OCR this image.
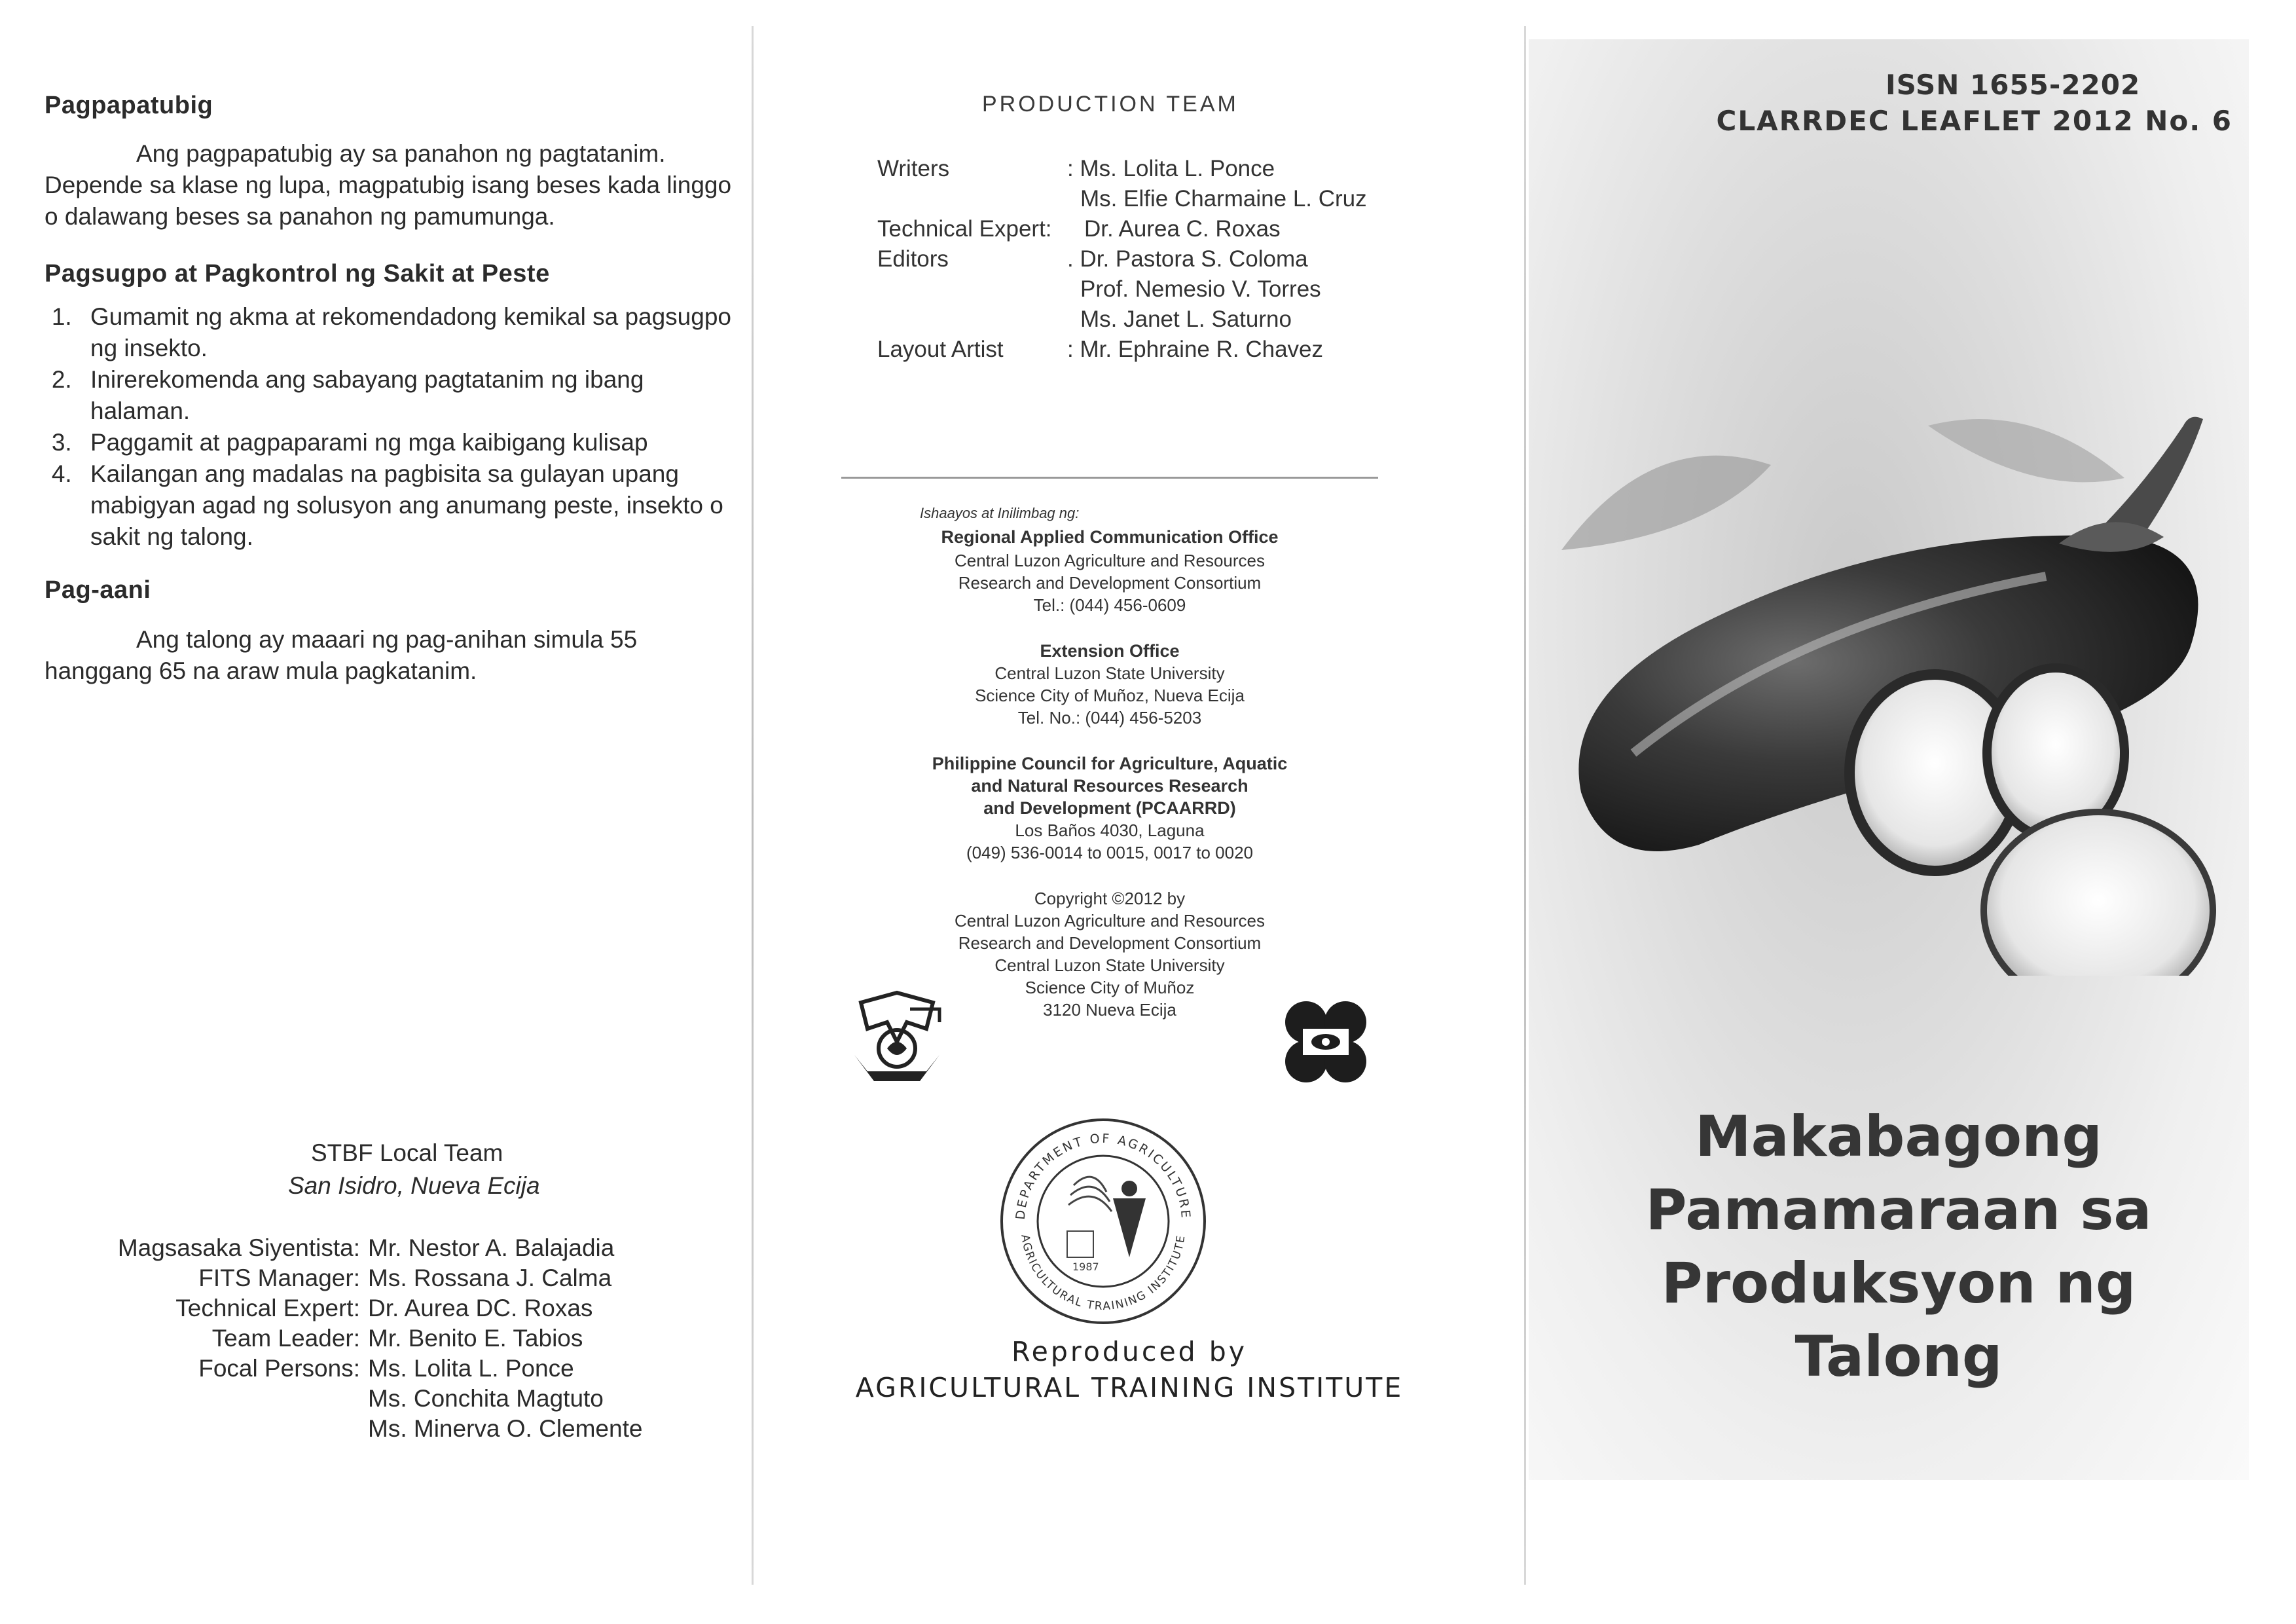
Pagpapatubig

Ang pagpapatubig ay sa panahon ng pagtatanim. Depende sa klase ng lupa, magpatubig isang beses kada linggo o dalawang beses sa panahon ng pamumunga.

Pagsugpo at Pagkontrol ng Sakit at Peste

1. Gumamit ng akma at rekomendadong kemikal sa pagsugpo ng insekto.
2. Inirerekomenda ang sabayang pagtatanim ng ibang halaman.
3. Paggamit at pagpaparami ng mga kaibigang kulisap
4. Kailangan ang madalas na pagbisita sa gulayan upang mabigyan agad ng solusyon ang anumang peste, insekto o sakit ng talong.

Pag-aani

Ang talong ay maaari ng pag-anihan simula 55 hanggang 65 na araw mula pagkatanim.

STBF Local Team
San Isidro, Nueva Ecija
Magsasaka Siyentista: Mr. Nestor A. Balajadia
FITS Manager: Ms. Rossana J. Calma
Technical Expert: Dr. Aurea DC. Roxas
Team Leader: Mr. Benito E. Tabios
Focal Persons: Ms. Lolita L. Ponce
Ms. Conchita Magtuto
Ms. Minerva O. Clemente
PRODUCTION TEAM
Writers	: Ms. Lolita L. Ponce
Ms. Elfie Charmaine L. Cruz
Technical Expert: Dr. Aurea C. Roxas
Editors	. Dr. Pastora S. Coloma
Prof. Nemesio V. Torres
Ms. Janet L. Saturno
Layout Artist	: Mr. Ephraine R. Chavez
Ishaayos at Inilimbag ng:
Regional Applied Communication Office
Central Luzon Agriculture and Resources
Research and Development Consortium
Tel.: (044) 456-0609
Extension Office
Central Luzon State University
Science City of Muñoz, Nueva Ecija
Tel. No.: (044) 456-5203
Philippine Council for Agriculture, Aquatic
and Natural Resources Research
and Development (PCAARRD)
Los Baños 4030, Laguna
(049) 536-0014 to 0015, 0017 to 0020
Copyright ©2012 by
Central Luzon Agriculture and Resources
Research and Development Consortium
Central Luzon State University
Science City of Muñoz
3120 Nueva Ecija
DEPARTMENT OF AGRICULTURE
AGRICULTURAL TRAINING INSTITUTE
1987
Reproduced by
AGRICULTURAL TRAINING INSTITUTE
ISSN 1655-2202
CLARRDEC LEAFLET 2012 No. 6
Makabagong
Pamamaraan sa
Produksyon ng
Talong
